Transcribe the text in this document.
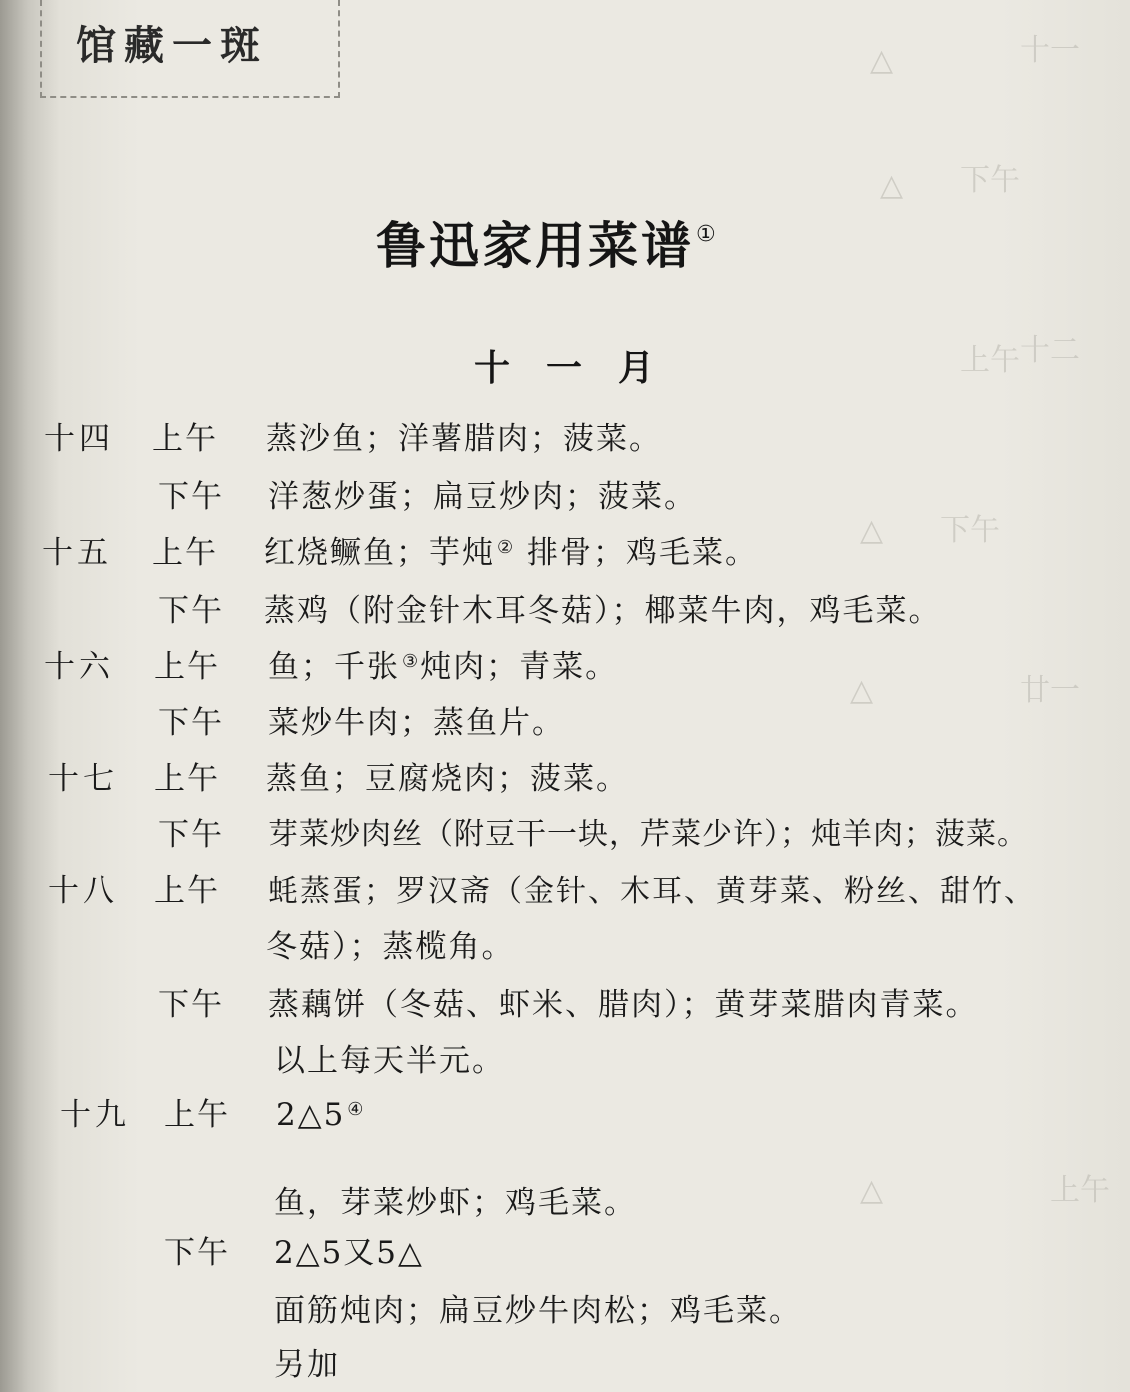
十一
△
下午
△
十二
上午
△ 下午
△	廿一
上午
△
馆藏一斑
鲁迅家用菜谱①
十一月
十四 上午 蒸沙鱼；洋薯腊肉；菠菜。
下午 洋葱炒蛋；扁豆炒肉；菠菜。
十五 上午 红烧鳜鱼；芋炖 ② 排骨；鸡毛菜。
下午 蒸鸡（附金针木耳冬菇）；椰菜牛肉，鸡毛菜。
十六 上午 鱼；千张 ③炖肉；青菜。
下午 菜炒牛肉；蒸鱼片。
十七 上午 蒸鱼；豆腐烧肉；菠菜。
下午 芽菜炒肉丝（附豆干一块，芹菜少许）；炖羊肉；菠菜。
十八 上午 蚝蒸蛋；罗汉斋（金针、木耳、黄芽菜、粉丝、甜竹、
冬菇）；蒸榄角。
下午 蒸藕饼（冬菇、虾米、腊肉）；黄芽菜腊肉青菜。
以上每天半元。
十九 上午 2△5 ④
鱼，芽菜炒虾；鸡毛菜。
下午 2△5又5△
面筋炖肉；扁豆炒牛肉松；鸡毛菜。
另加
